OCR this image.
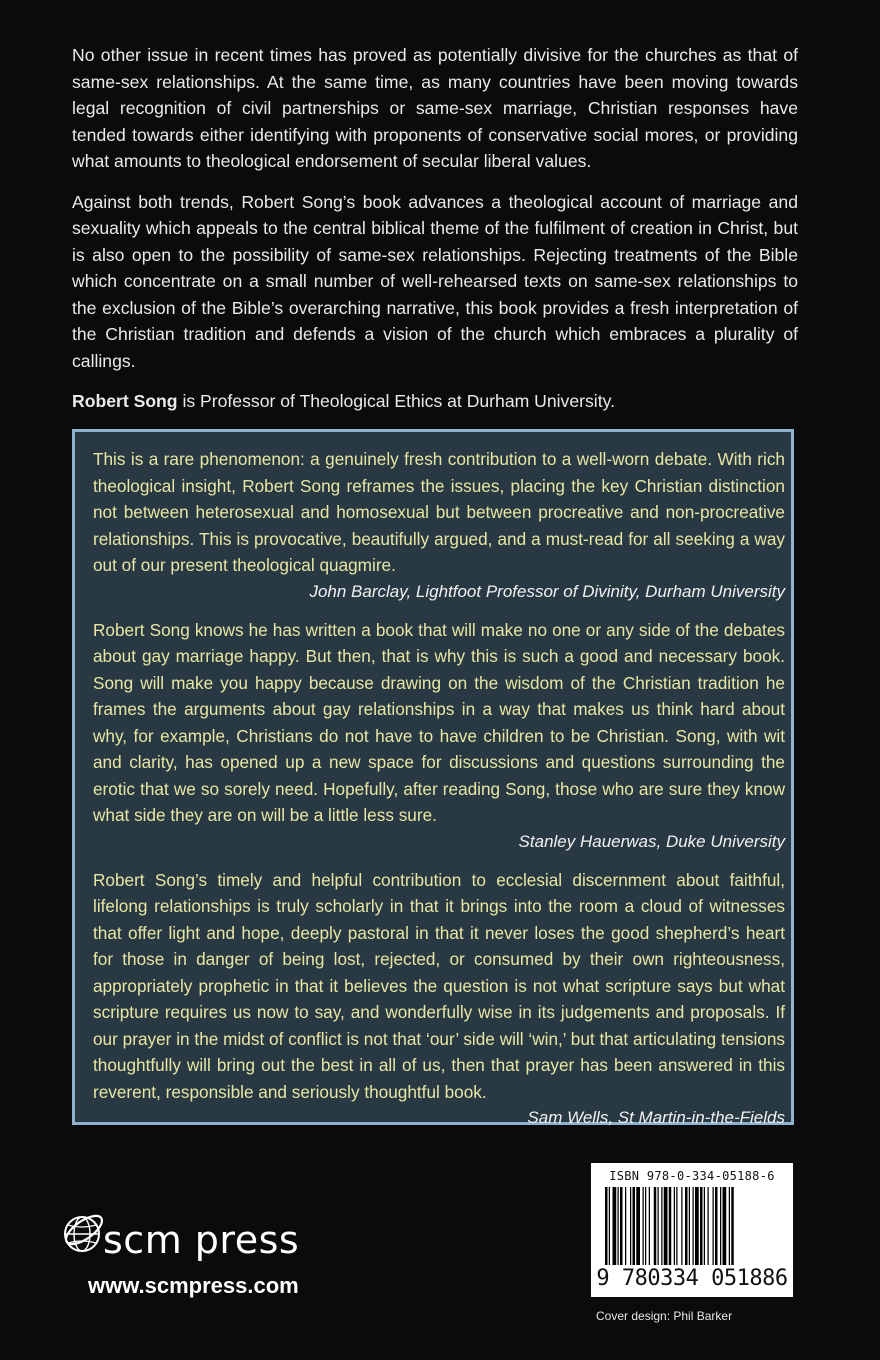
No other issue in recent times has proved as potentially divisive for the churches as that of same-sex relationships. At the same time, as many countries have been moving towards legal recognition of civil partnerships or same-sex marriage, Christian responses have tended towards either identifying with proponents of conservative social mores, or providing what amounts to theological endorsement of secular liberal values.

Against both trends, Robert Song’s book advances a theological account of marriage and sexuality which appeals to the central biblical theme of the fulfilment of creation in Christ, but is also open to the possibility of same-sex relationships. Rejecting treatments of the Bible which concentrate on a small number of well-rehearsed texts on same-sex relationships to the exclusion of the Bible’s overarching narrative, this book provides a fresh interpretation of the Christian tradition and defends a vision of the church which embraces a plurality of callings.

Robert Song is Professor of Theological Ethics at Durham University.

This is a rare phenomenon: a genuinely fresh contribution to a well-worn debate. With rich theological insight, Robert Song reframes the issues, placing the key Christian distinction not between heterosexual and homosexual but between procreative and non-procreative relationships. This is provocative, beautifully argued, and a must-read for all seeking a way out of our present theological quagmire.

John Barclay, Lightfoot Professor of Divinity, Durham University

Robert Song knows he has written a book that will make no one or any side of the debates about gay marriage happy. But then, that is why this is such a good and necessary book. Song will make you happy because drawing on the wisdom of the Christian tradition he frames the arguments about gay relationships in a way that makes us think hard about why, for example, Christians do not have to have children to be Christian. Song, with wit and clarity, has opened up a new space for discussions and questions surrounding the erotic that we so sorely need. Hopefully, after reading Song, those who are sure they know what side they are on will be a little less sure.

Stanley Hauerwas, Duke University

Robert Song’s timely and helpful contribution to ecclesial discernment about faithful, lifelong relationships is truly scholarly in that it brings into the room a cloud of witnesses that offer light and hope, deeply pastoral in that it never loses the good shepherd’s heart for those in danger of being lost, rejected, or consumed by their own righteousness, appropriately prophetic in that it believes the question is not what scripture says but what scripture requires us now to say, and wonderfully wise in its judgements and proposals. If our prayer in the midst of conflict is not that ‘our’ side will ‘win,’ but that articulating tensions thoughtfully will bring out the best in all of us, then that prayer has been answered in this reverent, responsible and seriously thoughtful book.

Sam Wells, St Martin-in-the-Fields

scm press
www.scmpress.com
ISBN 978-0-334-05188-6
9 780334 051886
Cover design: Phil Barker
